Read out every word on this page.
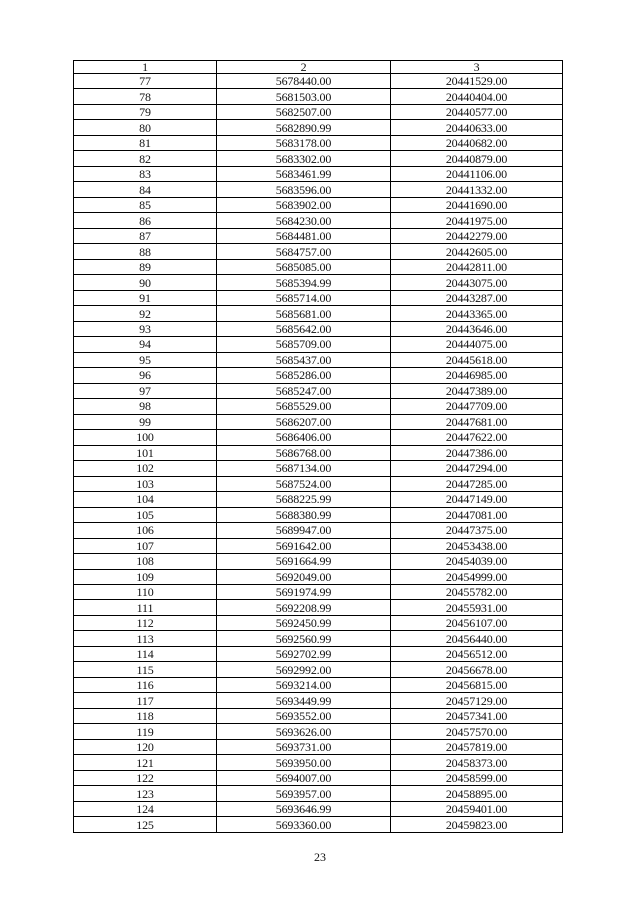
1	2	3
77	5678440.00	20441529.00
78	5681503.00	20440404.00
79	5682507.00	20440577.00
80	5682890.99	20440633.00
81	5683178.00	20440682.00
82	5683302.00	20440879.00
83	5683461.99	20441106.00
84	5683596.00	20441332.00
85	5683902.00	20441690.00
86	5684230.00	20441975.00
87	5684481.00	20442279.00
88	5684757.00	20442605.00
89	5685085.00	20442811.00
90	5685394.99	20443075.00
91	5685714.00	20443287.00
92	5685681.00	20443365.00
93	5685642.00	20443646.00
94	5685709.00	20444075.00
95	5685437.00	20445618.00
96	5685286.00	20446985.00
97	5685247.00	20447389.00
98	5685529.00	20447709.00
99	5686207.00	20447681.00
100	5686406.00	20447622.00
101	5686768.00	20447386.00
102	5687134.00	20447294.00
103	5687524.00	20447285.00
104	5688225.99	20447149.00
105	5688380.99	20447081.00
106	5689947.00	20447375.00
107	5691642.00	20453438.00
108	5691664.99	20454039.00
109	5692049.00	20454999.00
110	5691974.99	20455782.00
111	5692208.99	20455931.00
112	5692450.99	20456107.00
113	5692560.99	20456440.00
114	5692702.99	20456512.00
115	5692992.00	20456678.00
116	5693214.00	20456815.00
117	5693449.99	20457129.00
118	5693552.00	20457341.00
119	5693626.00	20457570.00
120	5693731.00	20457819.00
121	5693950.00	20458373.00
122	5694007.00	20458599.00
123	5693957.00	20458895.00
124	5693646.99	20459401.00
125	5693360.00	20459823.00
23
